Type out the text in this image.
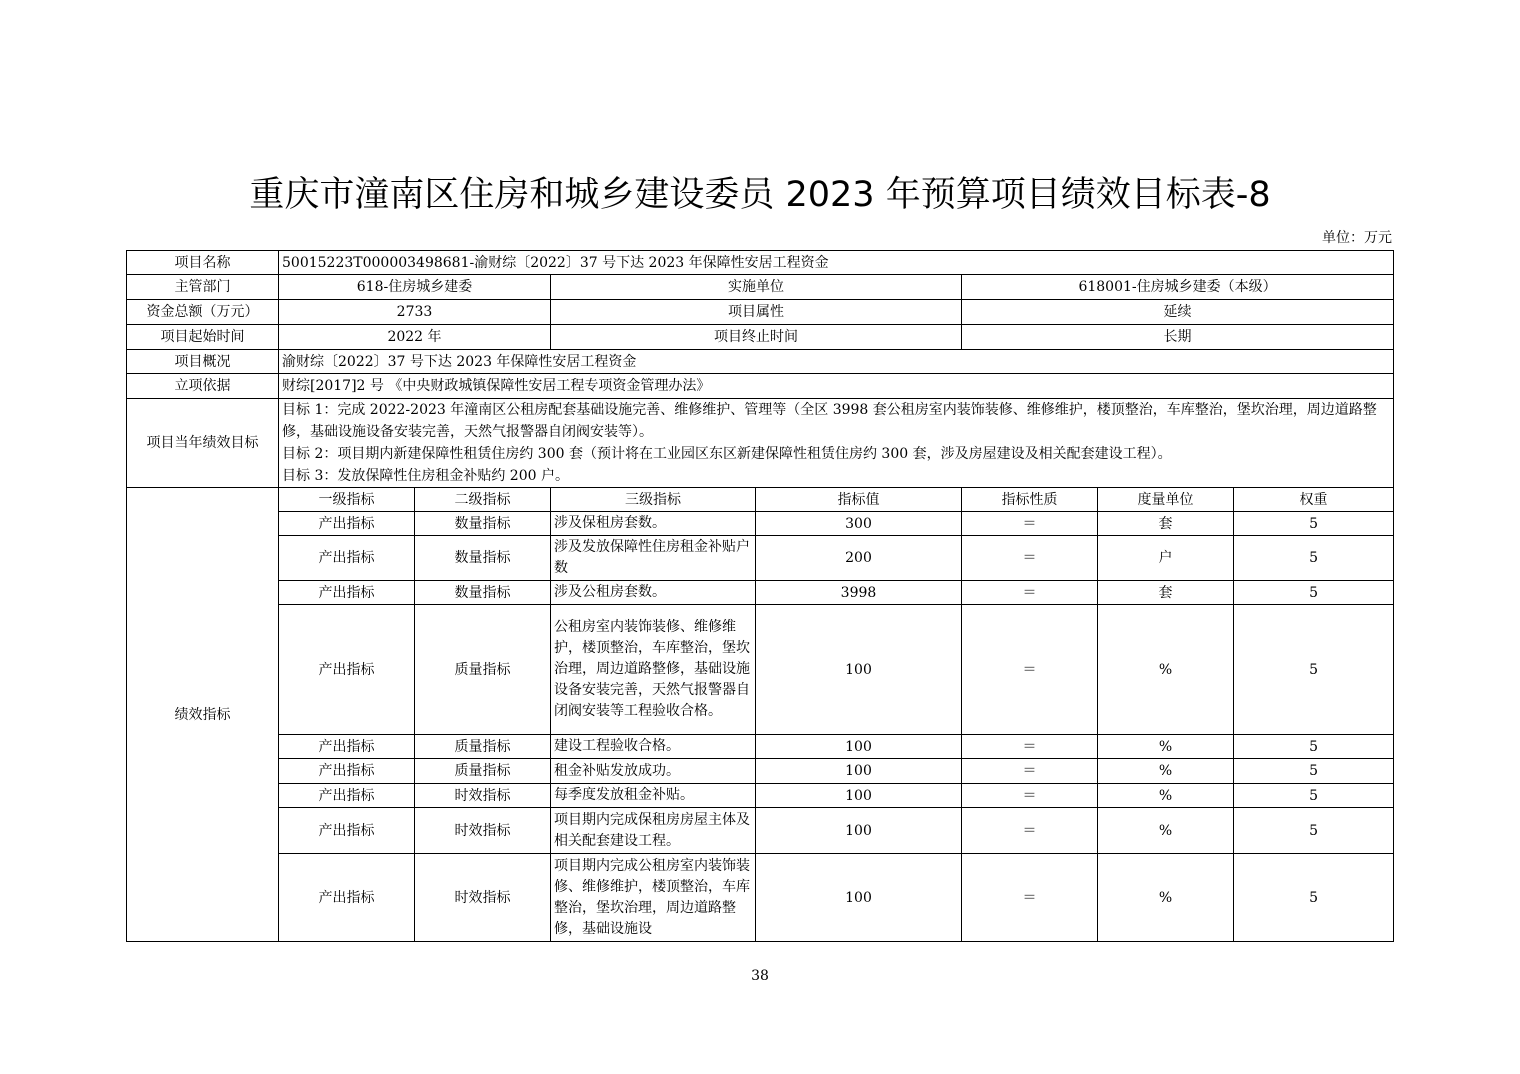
重庆市潼南区住房和城乡建设委员 2023 年预算项目绩效目标表-8
单位：万元
项目名称	50015223T000003498681-渝财综〔2022〕37 号下达 2023 年保障性安居工程资金						
主管部门	618-住房城乡建委		实施单位		618001-住房城乡建委（本级）		
资金总额（万元）	2733		项目属性		延续		
项目起始时间	2022 年		项目终止时间		长期		
项目概况	渝财综〔2022〕37 号下达 2023 年保障性安居工程资金						
立项依据	财综[2017]2 号 《中央财政城镇保障性安居工程专项资金管理办法》						
项目当年绩效目标	目标 1：完成 2022-2023 年潼南区公租房配套基础设施完善、维修维护、管理等（全区 3998 套公租房室内装饰装修、维修维护，楼顶整治，车库整治，堡坎治理，周边道路整修，基础设施设备安装完善，天然气报警器自闭阀安装等）。
目标 2：项目期内新建保障性租赁住房约 300 套（预计将在工业园区东区新建保障性租赁住房约 300 套，涉及房屋建设及相关配套建设工程）。
目标 3：发放保障性住房租金补贴约 200 户。						

绩效指标	一级指标	二级指标	三级指标	指标值	指标性质	度量单位	权重
	产出指标	数量指标	涉及保租房套数。	300	＝	套	5
	产出指标	数量指标	涉及发放保障性住房租金补贴户数	200	＝	户	5
	产出指标	数量指标	涉及公租房套数。	3998	＝	套	5
	产出指标	质量指标	公租房室内装饰装修、维修维护，楼顶整治，车库整治，堡坎治理，周边道路整修，基础设施设备安装完善，天然气报警器自闭阀安装等工程验收合格。	100	＝	%	5
	产出指标	质量指标	建设工程验收合格。	100	＝	%	5
	产出指标	质量指标	租金补贴发放成功。	100	＝	%	5
	产出指标	时效指标	每季度发放租金补贴。	100	＝	%	5
	产出指标	时效指标	项目期内完成保租房房屋主体及相关配套建设工程。	100	＝	%	5
	产出指标	时效指标	项目期内完成公租房室内装饰装修、维修维护，楼顶整治，车库整治，堡坎治理，周边道路整修，基础设施设	100	＝	%	5
38
